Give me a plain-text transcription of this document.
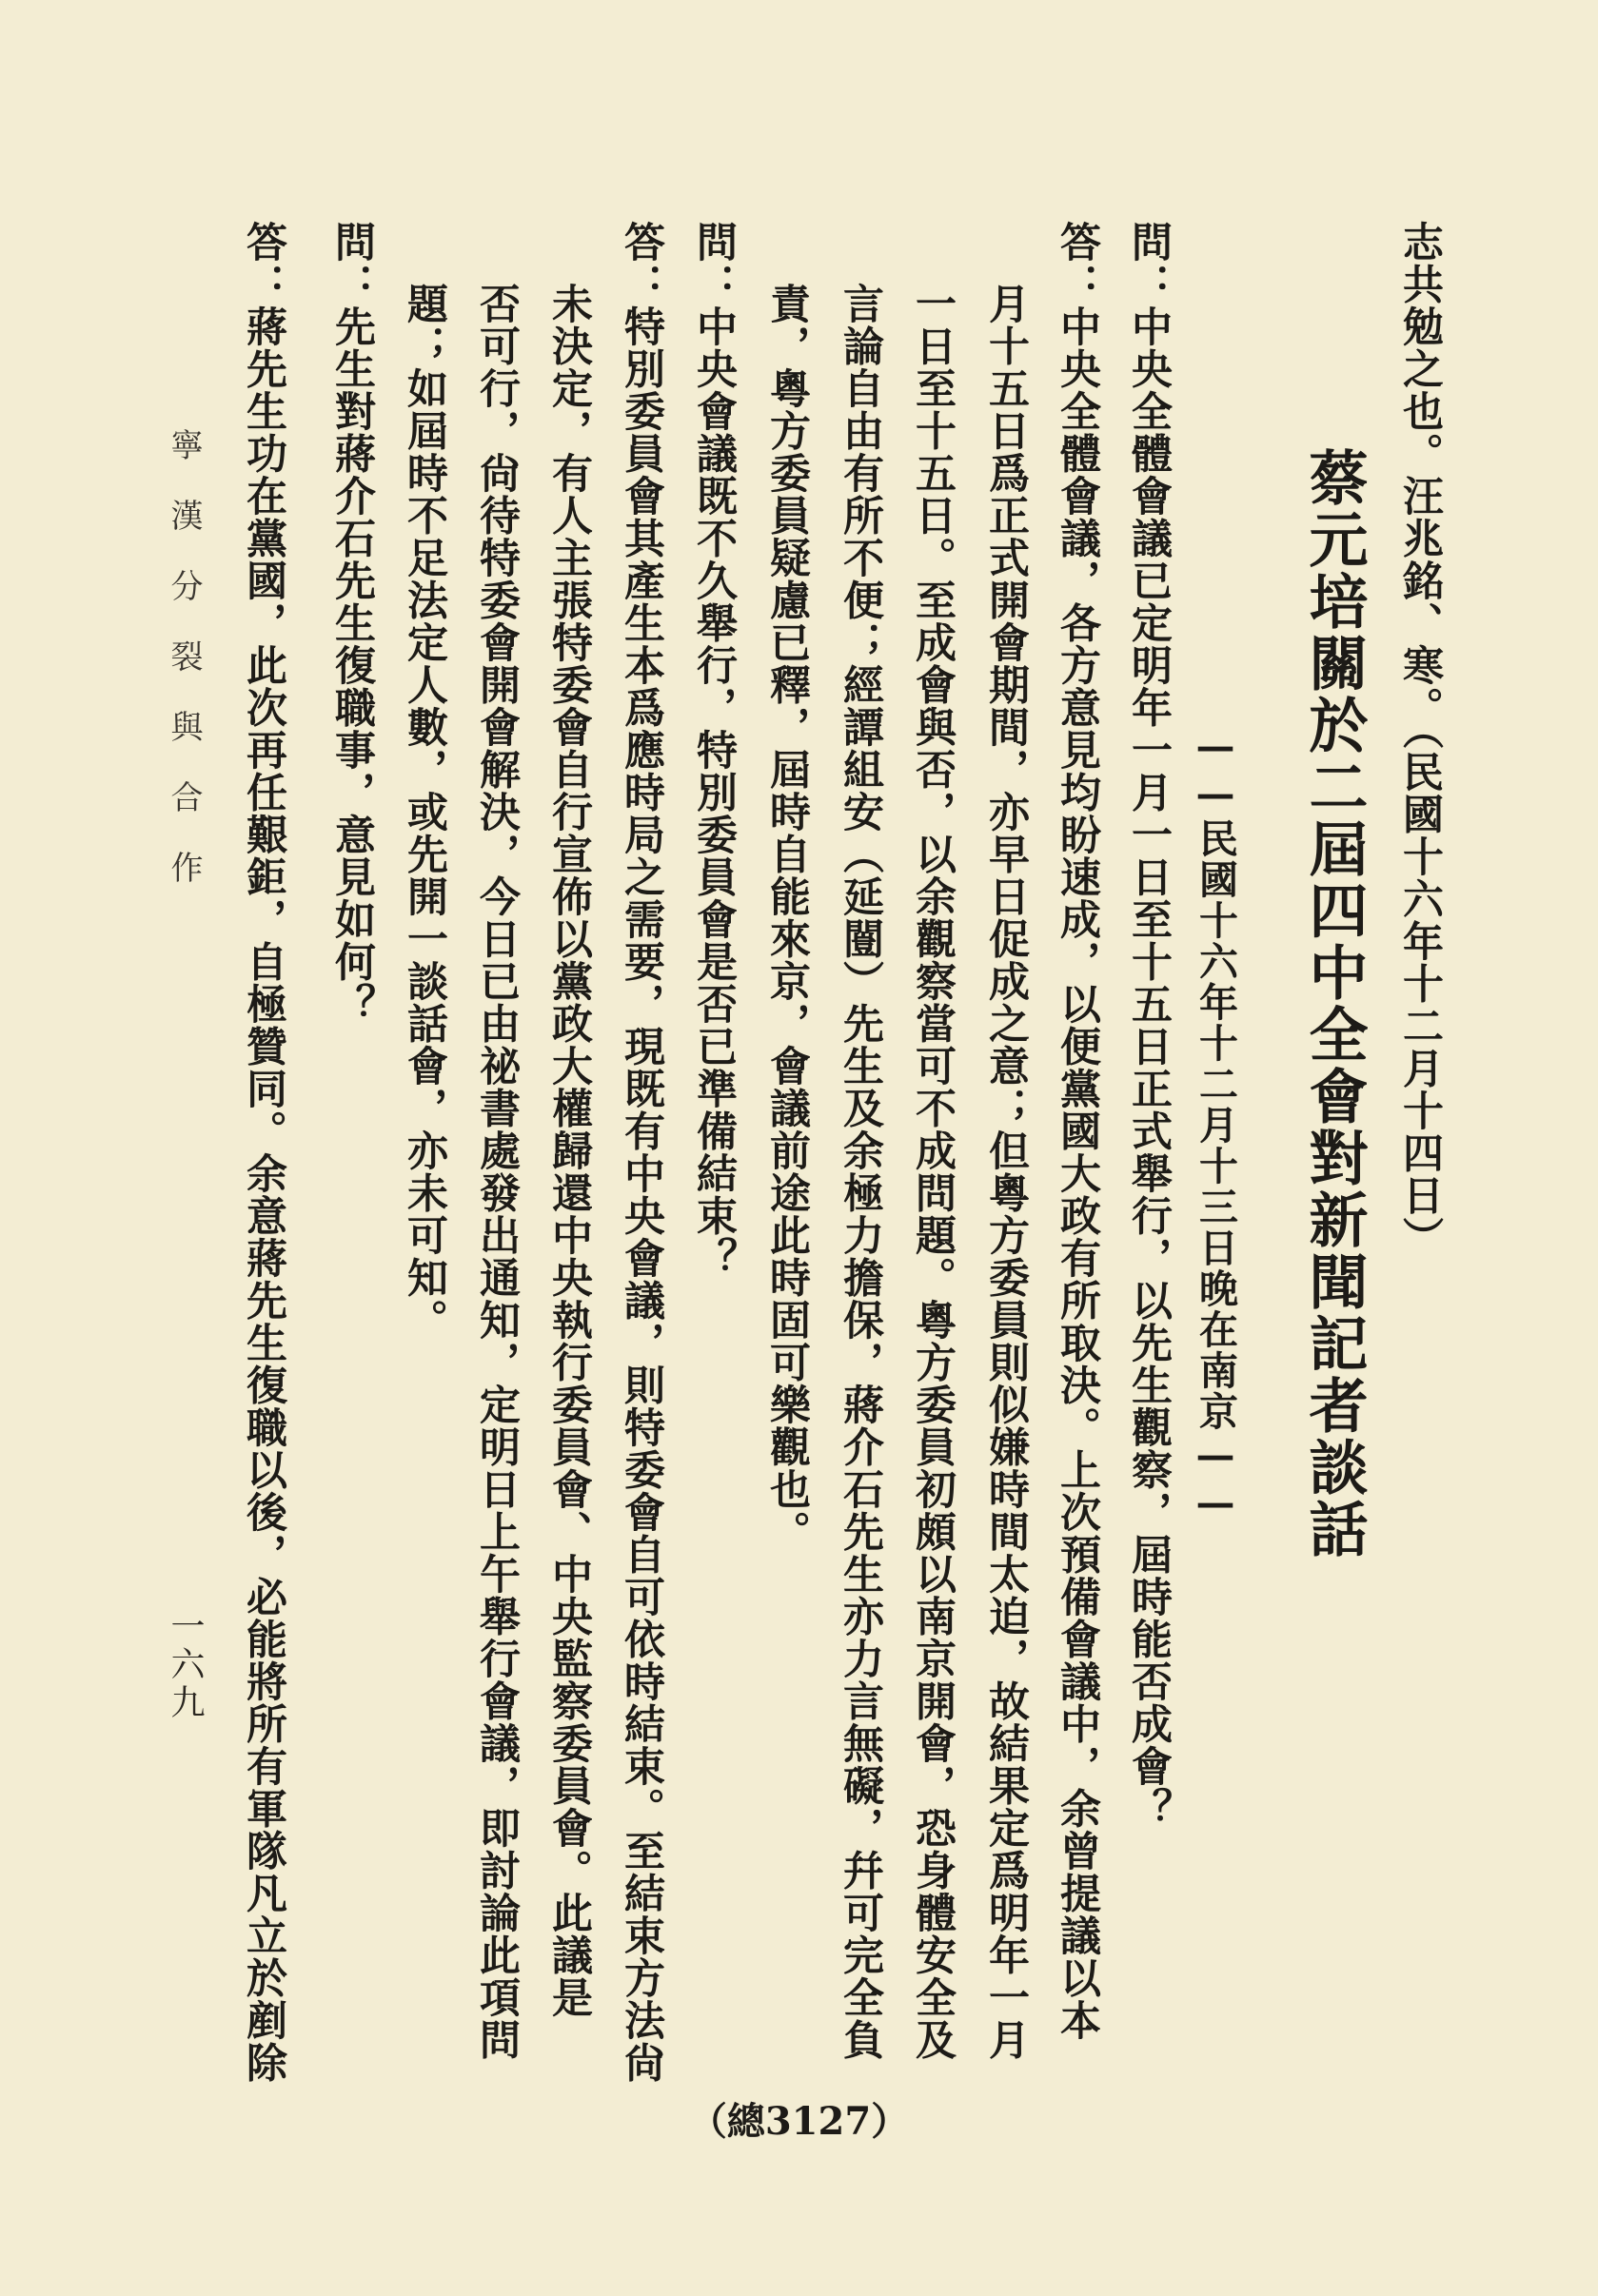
志共勉之也。汪兆銘、寒。（民國十六年十二月十四日）
蔡元培關於二屆四中全會對新聞記者談話
——民國十六年十二月十三日晚在南京——
問：中央全體會議已定明年一月一日至十五日正式舉行，以先生觀察，屆時能否成會？
答：中央全體會議，各方意見均盼速成，以便黨國大政有所取決。上次預備會議中，余曾提議以本
月十五日爲正式開會期間，亦早日促成之意；但粵方委員則似嫌時間太迫，故結果定爲明年一月
一日至十五日。至成會與否，以余觀察當可不成問題。粵方委員初頗以南京開會，恐身體安全及
言論自由有所不便；經譚組安（延闓）先生及余極力擔保，蔣介石先生亦力言無礙，幷可完全負
責，粵方委員疑慮已釋，屆時自能來京，會議前途此時固可樂觀也。
問：中央會議既不久舉行，特別委員會是否已準備結束？
答：特別委員會其產生本爲應時局之需要，現既有中央會議，則特委會自可依時結束。至結束方法尙
未決定，有人主張特委會自行宣佈以黨政大權歸還中央執行委員會、中央監察委員會。此議是
否可行，尙待特委會開會解決，今日已由祕書處發出通知，定明日上午舉行會議，即討論此項問
題；如屆時不足法定人數，或先開一談話會，亦未可知。
問：先生對蔣介石先生復職事，意見如何？
答：蔣先生功在黨國，此次再任艱鉅，自極贊同。余意蔣先生復職以後，必能將所有軍隊凡立於剷除
一六九
寧漢分裂與合作
（總3127）
